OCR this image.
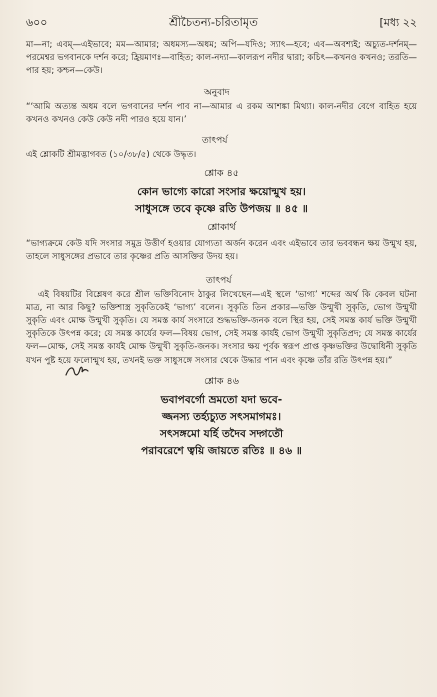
৬০০	শ্রীচৈতন্য-চরিতামৃত	[মধ্য ২২

মা—না; এবম্—এইভাবে; মম—আমার; অধমস্য—অধম; অপি—যদিও; স্যাৎ—হবে; এব—অবশ্যই; অচ্যুত-দর্শনম্—পরমেশ্বর ভগবানকে দর্শন করে; হ্রিয়মাণঃ—বাহিত; কাল-নদ্যা—কালরূপ নদীর দ্বারা; কচিৎ—কখনও কখনও; তরতি—পার হয়; কশ্চন—কেউ।

অনুবাদ

“‘আমি অত্যন্ত অধম বলে ভগবানের দর্শন পাব না—আমার এ রকম আশঙ্কা মিথ্যা। কাল-নদীর বেগে বাহিত হয়ে কখনও কখনও কেউ কেউ নদী পারও হয়ে যান।’

তাৎপর্য

এই শ্লোকটি শ্রীমদ্ভাগবত (১০/৩৮/৫) থেকে উদ্ধৃত।

শ্লোক ৪৫

কোন ভাগ্যে কারো সংসার ক্ষয়োন্মুখ হয়।

সাধুসঙ্গে তবে কৃষ্ণে রতি উপজয় ॥ ৪৫ ॥

শ্লোকার্থ

“ভাগ্যক্রমে কেউ যদি সংসার সমুদ্র উত্তীর্ণ হওয়ার যোগ্যতা অর্জন করেন এবং এইভাবে তার ভববন্ধন ক্ষয় উন্মুখ হয়, তাহলে সাধুসঙ্গের প্রভাবে তার কৃষ্ণের প্রতি আসক্তির উদয় হয়।

তাৎপর্য

এই বিষয়টির বিশ্লেষণ করে শ্রীল ভক্তিবিনোদ ঠাকুর লিখেছেন—এই স্থলে ‘ভাগ্য’ শব্দের অর্থ কি কেবল ঘটনা মাত্র, না আর কিছু? ভক্তিশাস্ত্র সুকৃতিকেই ‘ভাগ্য’ বলেন। সুকৃতি তিন প্রকার—ভক্তি উন্মুখী সুকৃতি, ভোগ উন্মুখী সুকৃতি এবং মোক্ষ উন্মুখী সুকৃতি। যে সমস্ত কার্য সংসারে শুদ্ধভক্তি-জনক বলে স্থির হয়, সেই সমস্ত কার্য ভক্তি উন্মুখী সুকৃতিকে উৎপন্ন করে; যে সমস্ত কার্যের ফল—বিষয় ভোগ, সেই সমস্ত কার্যই ভোগ উন্মুখী সুকৃতিপ্রদ; যে সমস্ত কার্যের ফল—মোক্ষ, সেই সমস্ত কার্যই মোক্ষ উন্মুখী সুকৃতি-জনক। সংসার ক্ষয় পূর্বক স্বরূপ প্রাপ্ত কৃষ্ণভক্তির উদ্বোধিনী সুকৃতি যখন পুষ্ট হয়ে ফলোন্মুখ হয়, তখনই ভক্ত সাধুসঙ্গে সংসার থেকে উদ্ধার পান এবং কৃষ্ণে তাঁর রতি উৎপন্ন হয়।”

শ্লোক ৪৬

ভবাপবর্গো ভ্রমতো যদা ভবে-

জ্জনস্য তর্হ্যচ্যুত সৎসমাগমঃ।

সৎসঙ্গমো যর্হি তদৈব সদ্গতৌ

পরাবরেশে ত্বয়ি জায়তে রতিঃ ॥ ৪৬ ॥
